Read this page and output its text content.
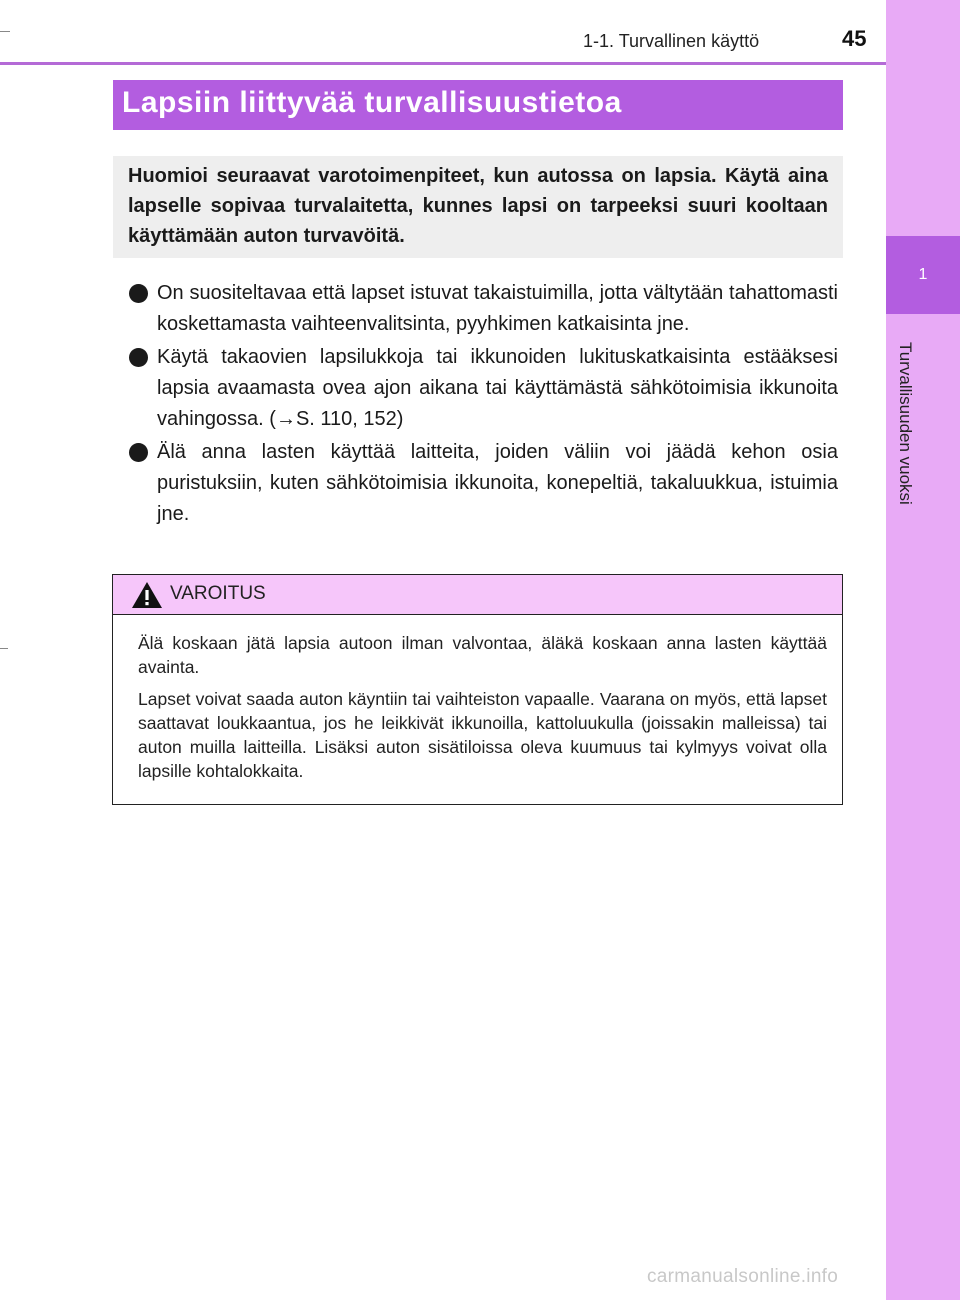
1
Turvallisuuden vuoksi
1-1. Turvallinen käyttö	45
Lapsiin liittyvää turvallisuustietoa
Huomioi seuraavat varotoimenpiteet, kun autossa on lapsia. Käytä aina lapselle sopivaa turvalaitetta, kunnes lapsi on tarpeeksi suuri kooltaan käyttämään auton turvavöitä.
On suositeltavaa että lapset istuvat takaistuimilla, jotta vältytään tahattomasti koskettamasta vaihteenvalitsinta, pyyhkimen katkaisinta jne.
Käytä takaovien lapsilukkoja tai ikkunoiden lukituskatkaisinta estääksesi lapsia avaamasta ovea ajon aikana tai käyttämästä sähkötoimisia ikkunoita vahingossa. (→S. 110, 152)
Älä anna lasten käyttää laitteita, joiden väliin voi jäädä kehon osia puristuksiin, kuten sähkötoimisia ikkunoita, konepeltiä, takaluukkua, istuimia jne.
VAROITUS

Älä koskaan jätä lapsia autoon ilman valvontaa, äläkä koskaan anna lasten käyttää avainta.

Lapset voivat saada auton käyntiin tai vaihteiston vapaalle. Vaarana on myös, että lapset saattavat loukkaantua, jos he leikkivät ikkunoilla, kattoluukulla (joissakin malleissa) tai auton muilla laitteilla. Lisäksi auton sisätiloissa oleva kuumuus tai kylmyys voivat olla lapsille kohtalokkaita.

carmanualsonline.info
